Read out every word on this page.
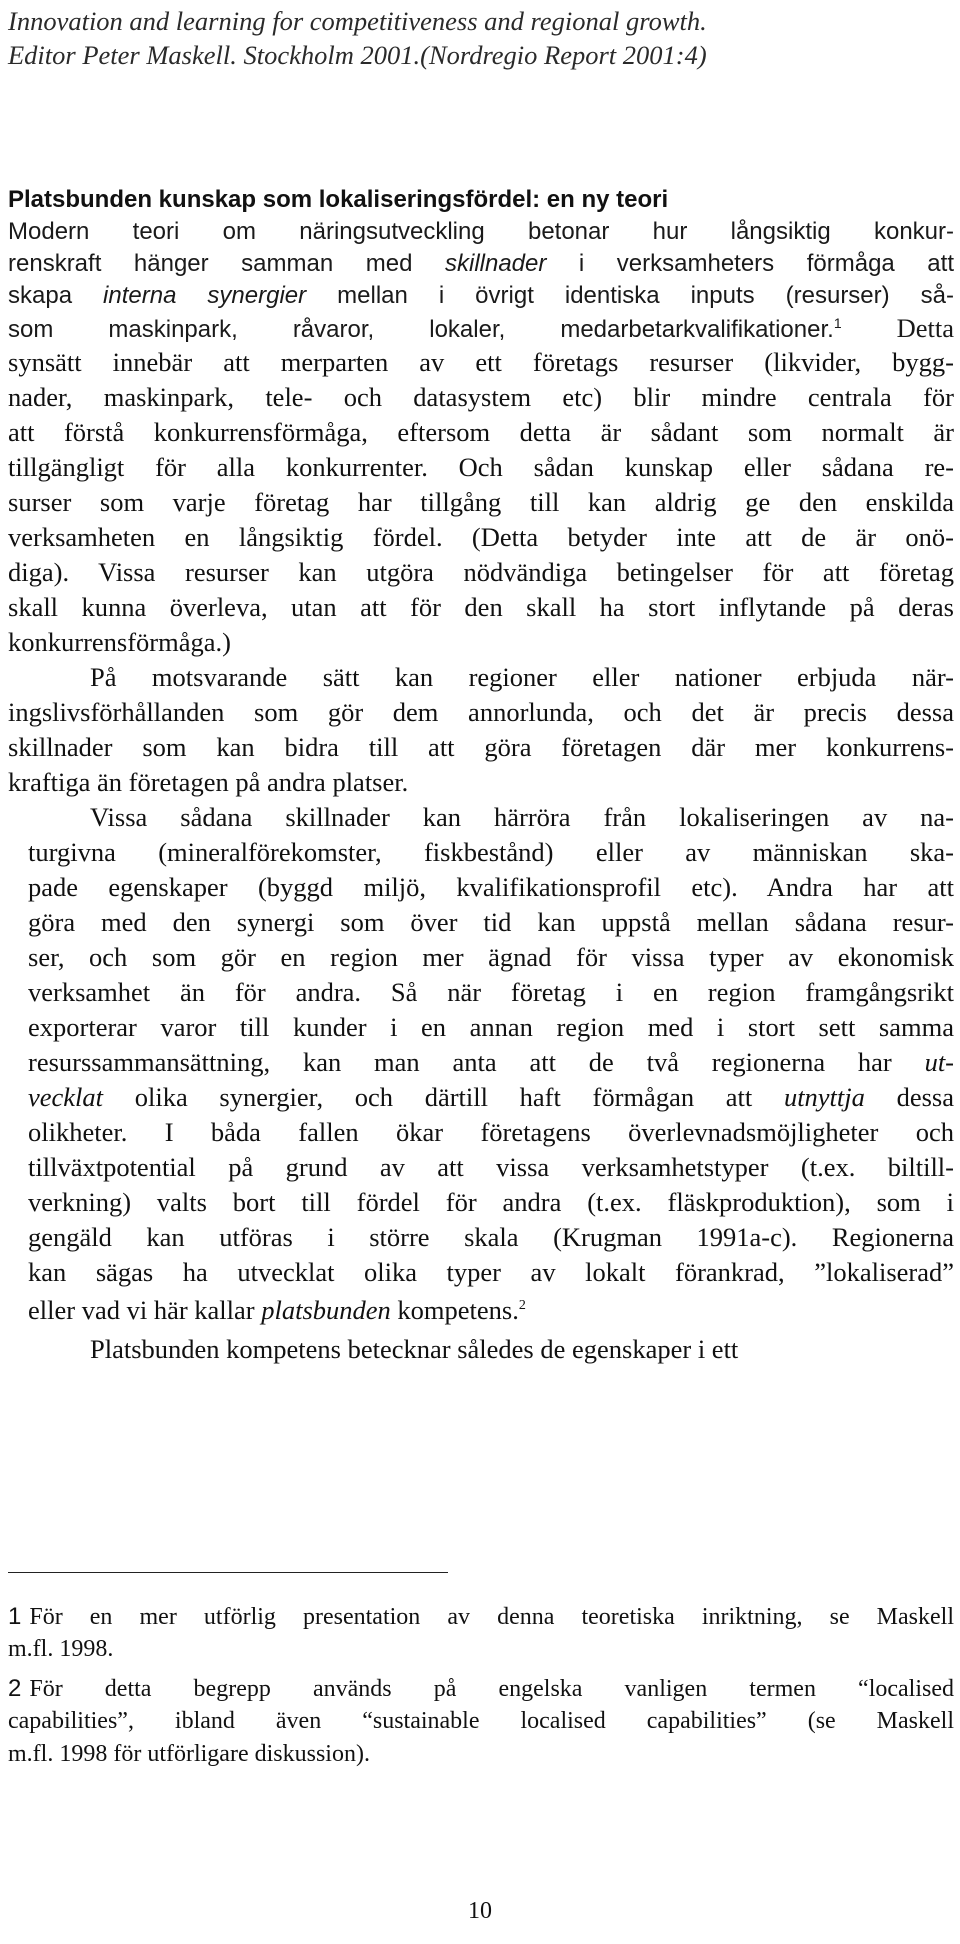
Innovation and learning for competitiveness and regional growth.
Editor Peter Maskell. Stockholm 2001.(Nordregio Report 2001:4)
Platsbunden kunskap som lokaliseringsfördel: en ny teori
Modern teori om näringsutveckling betonar hur långsiktig konkur-
renskraft hänger samman med skillnader i verksamheters förmåga att
skapa interna synergier mellan i övrigt identiska inputs (resurser) så-
som maskinpark, råvaror, lokaler, medarbetarkvalifikationer.$^1$ Detta
synsätt innebär att merparten av ett företags resurser (likvider, bygg-
nader, maskinpark, tele- och datasystem etc) blir mindre centrala för
att förstå konkurrensförmåga, eftersom detta är sådant som normalt är
tillgängligt för alla konkurrenter. Och sådan kunskap eller sådana re-
surser som varje företag har tillgång till kan aldrig ge den enskilda
verksamheten en långsiktig fördel. (Detta betyder inte att de är onö-
diga). Vissa resurser kan utgöra nödvändiga betingelser för att företag
skall kunna överleva, utan att för den skall ha stort inflytande på deras
konkurrensförmåga.)
På motsvarande sätt kan regioner eller nationer erbjuda när-
ingslivsförhållanden som gör dem annorlunda, och det är precis dessa
skillnader som kan bidra till att göra företagen där mer konkurrens-
kraftiga än företagen på andra platser.
Vissa sådana skillnader kan härröra från lokaliseringen av na-
turgivna (mineralförekomster, fiskbestånd) eller av människan ska-
pade egenskaper (byggd miljö, kvalifikationsprofil etc). Andra har att
göra med den synergi som över tid kan uppstå mellan sådana resur-
ser, och som gör en region mer ägnad för vissa typer av ekonomisk
verksamhet än för andra. Så när företag i en region framgångsrikt
exporterar varor till kunder i en annan region med i stort sett samma
resurssammansättning, kan man anta att de två regionerna har ut-
vecklat olika synergier, och därtill haft förmågan att utnyttja dessa
olikheter. I båda fallen ökar företagens överlevnadsmöjligheter och
tillväxtpotential på grund av att vissa verksamhetstyper (t.ex. biltill-
verkning) valts bort till fördel för andra (t.ex. fläskproduktion), som i
gengäld kan utföras i större skala (Krugman 1991a-c). Regionerna
kan sägas ha utvecklat olika typer av lokalt förankrad, ”lokaliserad”
eller vad vi här kallar platsbunden kompetens.$^2$
Platsbunden kompetens betecknar således de egenskaper i ett
1 För en mer utförlig presentation av denna teoretiska inriktning, se Maskell
m.fl. 1998.
2 För detta begrepp används på engelska vanligen termen “localised
capabilities”, ibland även “sustainable localised capabilities” (se Maskell
m.fl. 1998 för utförligare diskussion).
10
